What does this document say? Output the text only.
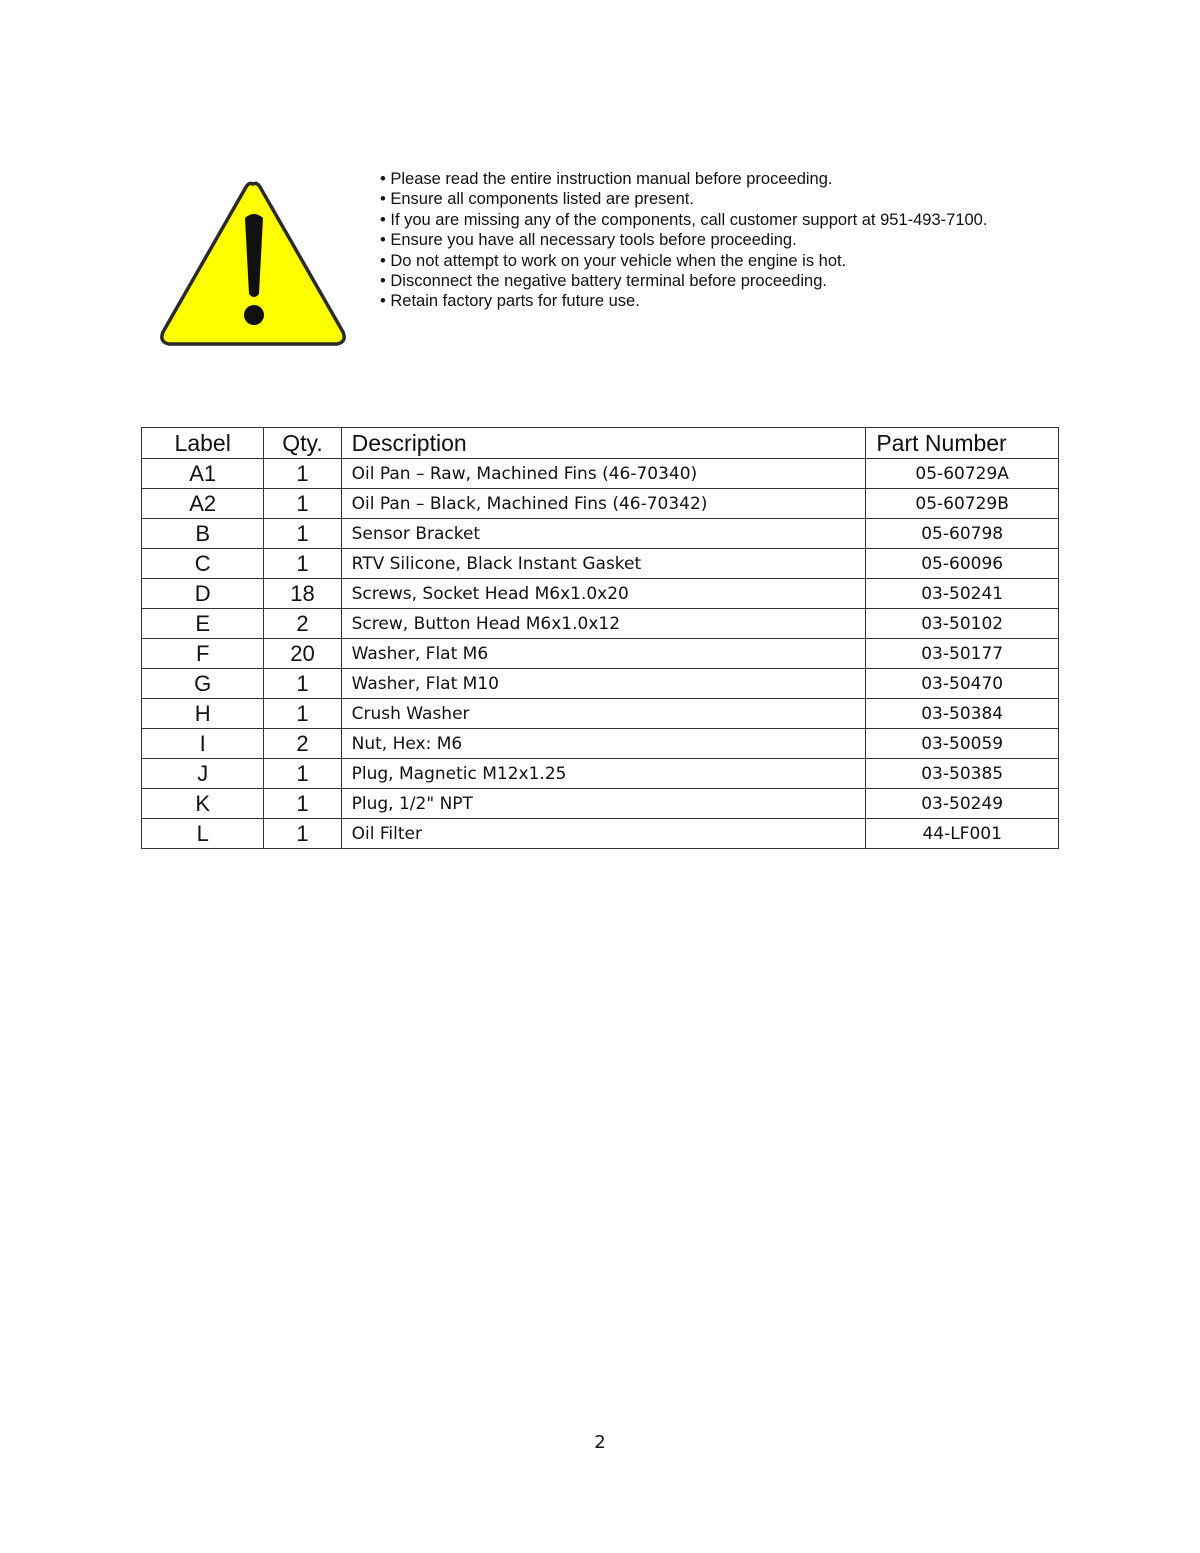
• Please read the entire instruction manual before proceeding.
• Ensure all components listed are present.
• If you are missing any of the components, call customer support at 951-493-7100.
• Ensure you have all necessary tools before proceeding.
• Do not attempt to work on your vehicle when the engine is hot.
• Disconnect the negative battery terminal before proceeding.
• Retain factory parts for future use.
Label	Qty.	Description	Part Number
A1	1	Oil Pan – Raw, Machined Fins (46-70340)	05-60729A
A2	1	Oil Pan – Black, Machined Fins (46-70342)	05-60729B
B	1	Sensor Bracket	05-60798
C	1	RTV Silicone, Black Instant Gasket	05-60096
D	18	Screws, Socket Head M6x1.0x20	03-50241
E	2	Screw, Button Head M6x1.0x12	03-50102
F	20	Washer, Flat M6	03-50177
G	1	Washer, Flat M10	03-50470
H	1	Crush Washer	03-50384
I	2	Nut, Hex: M6	03-50059
J	1	Plug, Magnetic M12x1.25	03-50385
K	1	Plug, 1/2" NPT	03-50249
L	1	Oil Filter	44-LF001
2
